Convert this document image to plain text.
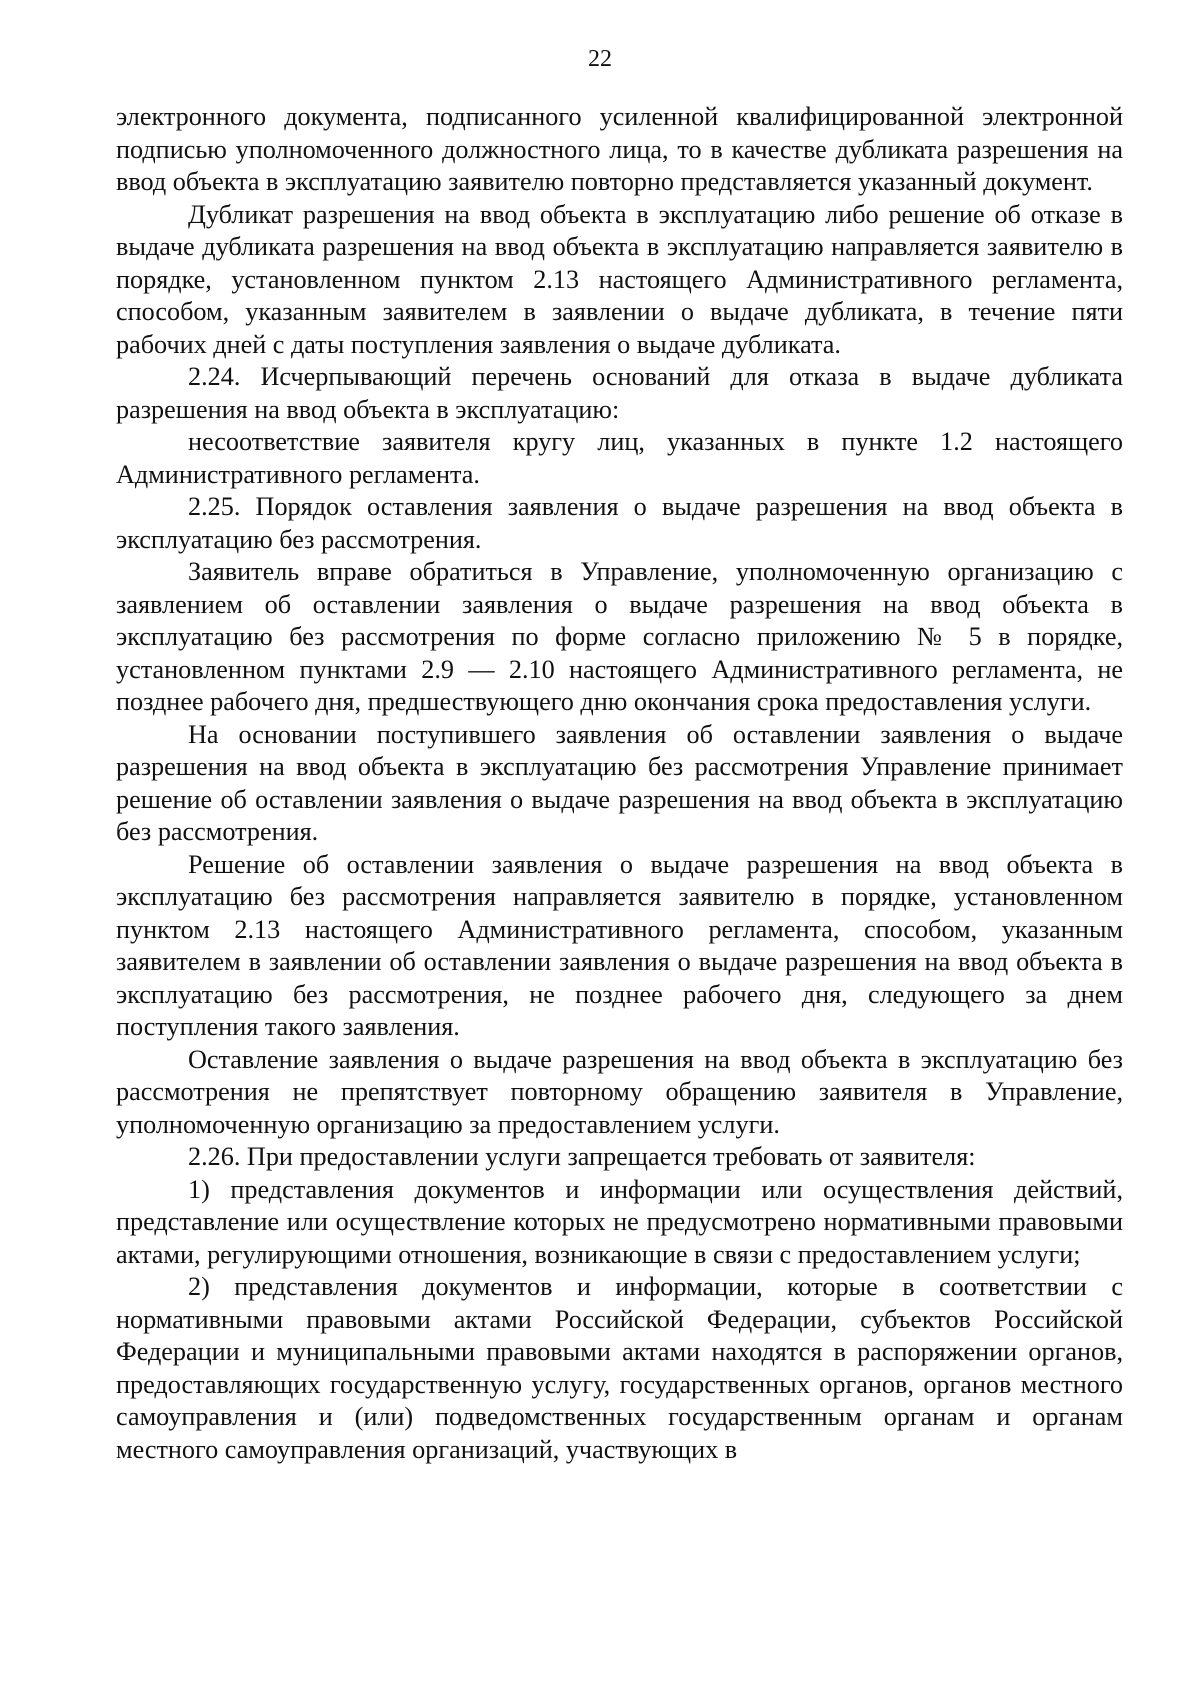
22

электронного документа, подписанного усиленной квалифицированной электронной подписью уполномоченного должностного лица, то в качестве дубликата разрешения на ввод объекта в эксплуатацию заявителю повторно представляется указанный документ.

Дубликат разрешения на ввод объекта в эксплуатацию либо решение об отказе в выдаче дубликата разрешения на ввод объекта в эксплуатацию направляется заявителю в порядке, установленном пунктом 2.13 настоящего Административного регламента, способом, указанным заявителем в заявлении о выдаче дубликата, в течение пяти рабочих дней с даты поступления заявления о выдаче дубликата.

2.24. Исчерпывающий перечень оснований для отказа в выдаче дубликата разрешения на ввод объекта в эксплуатацию:

несоответствие заявителя кругу лиц, указанных в пункте 1.2 настоящего Административного регламента.

2.25. Порядок оставления заявления о выдаче разрешения на ввод объекта в эксплуатацию без рассмотрения.

Заявитель вправе обратиться в Управление, уполномоченную организацию с заявлением об оставлении заявления о выдаче разрешения на ввод объекта в эксплуатацию без рассмотрения по форме согласно приложению № 5 в порядке, установленном пунктами 2.9 — 2.10 настоящего Административного регламента, не позднее рабочего дня, предшествующего дню окончания срока предоставления услуги.

На основании поступившего заявления об оставлении заявления о выдаче разрешения на ввод объекта в эксплуатацию без рассмотрения Управление принимает решение об оставлении заявления о выдаче разрешения на ввод объекта в эксплуатацию без рассмотрения.

Решение об оставлении заявления о выдаче разрешения на ввод объекта в эксплуатацию без рассмотрения направляется заявителю в порядке, установленном пунктом 2.13 настоящего Административного регламента, способом, указанным заявителем в заявлении об оставлении заявления о выдаче разрешения на ввод объекта в эксплуатацию без рассмотрения, не позднее рабочего дня, следующего за днем поступления такого заявления.

Оставление заявления о выдаче разрешения на ввод объекта в эксплуатацию без рассмотрения не препятствует повторному обращению заявителя в Управление, уполномоченную организацию за предоставлением услуги.

2.26. При предоставлении услуги запрещается требовать от заявителя:

1) представления документов и информации или осуществления действий, представление или осуществление которых не предусмотрено нормативными правовыми актами, регулирующими отношения, возникающие в связи с предоставлением услуги;

2) представления документов и информации, которые в соответствии с нормативными правовыми актами Российской Федерации, субъектов Российской Федерации и муниципальными правовыми актами находятся в распоряжении органов, предоставляющих государственную услугу, государственных органов, органов местного самоуправления и (или) подведомственных государственным органам и органам местного самоуправления организаций, участвующих в
